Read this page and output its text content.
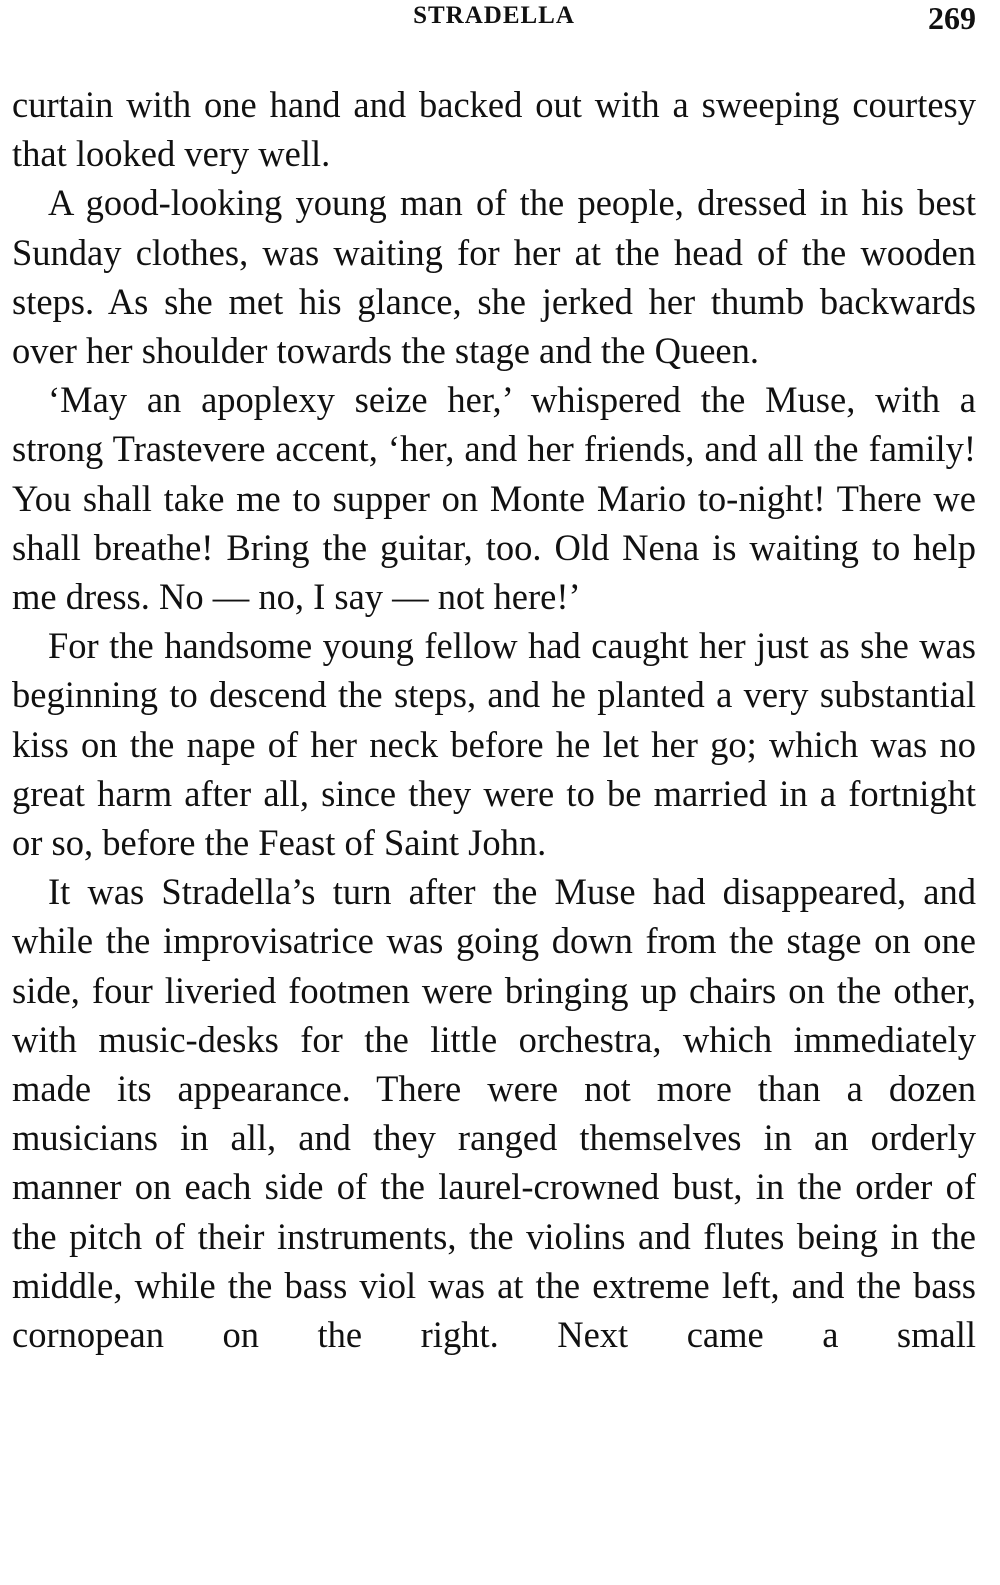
STRADELLA	269

curtain with one hand and backed out with a sweeping courtesy that looked very well.

A good-looking young man of the people, dressed in his best Sunday clothes, was waiting for her at the head of the wooden steps. As she met his glance, she jerked her thumb backwards over her shoulder towards the stage and the Queen.

‘May an apoplexy seize her,’ whispered the Muse, with a strong Trastevere accent, ‘her, and her friends, and all the family! You shall take me to supper on Monte Mario to-night! There we shall breathe! Bring the guitar, too. Old Nena is waiting to help me dress. No — no, I say — not here!’

For the handsome young fellow had caught her just as she was beginning to descend the steps, and he planted a very substantial kiss on the nape of her neck before he let her go; which was no great harm after all, since they were to be married in a fortnight or so, before the Feast of Saint John.

It was Stradella’s turn after the Muse had disappeared, and while the improvisatrice was going down from the stage on one side, four liveried footmen were bringing up chairs on the other, with music-desks for the little orchestra, which immediately made its appearance. There were not more than a dozen musicians in all, and they ranged themselves in an orderly manner on each side of the laurel-crowned bust, in the order of the pitch of their instruments, the violins and flutes being in the middle, while the bass viol was at the extreme left, and the bass cornopean on the right. Next came a small
